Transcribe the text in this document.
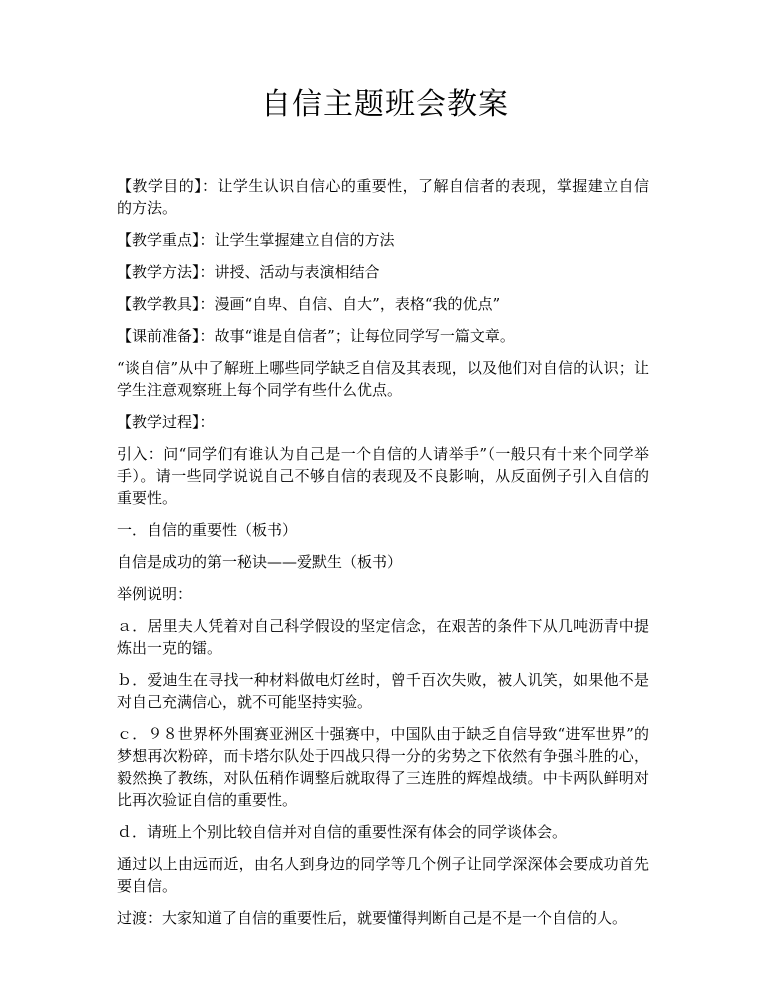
自信主题班会教案

【教学目的】：让学生认识自信心的重要性，了解自信者的表现，掌握建立自信的方法。

【教学重点】：让学生掌握建立自信的方法

【教学方法】：讲授、活动与表演相结合

【教学教具】：漫画“自卑、自信、自大”，表格“我的优点”

【课前准备】：故事“谁是自信者”；让每位同学写一篇文章。

“谈自信”从中了解班上哪些同学缺乏自信及其表现，以及他们对自信的认识；让学生注意观察班上每个同学有些什么优点。

【教学过程】：

引入：问“同学们有谁认为自己是一个自信的人请举手”（一般只有十来个同学举手）。请一些同学说说自己不够自信的表现及不良影响，从反面例子引入自信的重要性。

一．自信的重要性（板书）

自信是成功的第一秘诀——爱默生（板书）

举例说明：

ａ．居里夫人凭着对自己科学假设的坚定信念，在艰苦的条件下从几吨沥青中提炼出一克的镭。

ｂ．爱迪生在寻找一种材料做电灯丝时，曾千百次失败，被人讥笑，如果他不是对自己充满信心，就不可能坚持实验。

ｃ．９８世界杯外围赛亚洲区十强赛中，中国队由于缺乏自信导致“进军世界”的梦想再次粉碎，而卡塔尔队处于四战只得一分的劣势之下依然有争强斗胜的心，毅然换了教练，对队伍稍作调整后就取得了三连胜的辉煌战绩。中卡两队鲜明对比再次验证自信的重要性。

ｄ．请班上个别比较自信并对自信的重要性深有体会的同学谈体会。

通过以上由远而近，由名人到身边的同学等几个例子让同学深深体会要成功首先要自信。

过渡：大家知道了自信的重要性后，就要懂得判断自己是不是一个自信的人。
